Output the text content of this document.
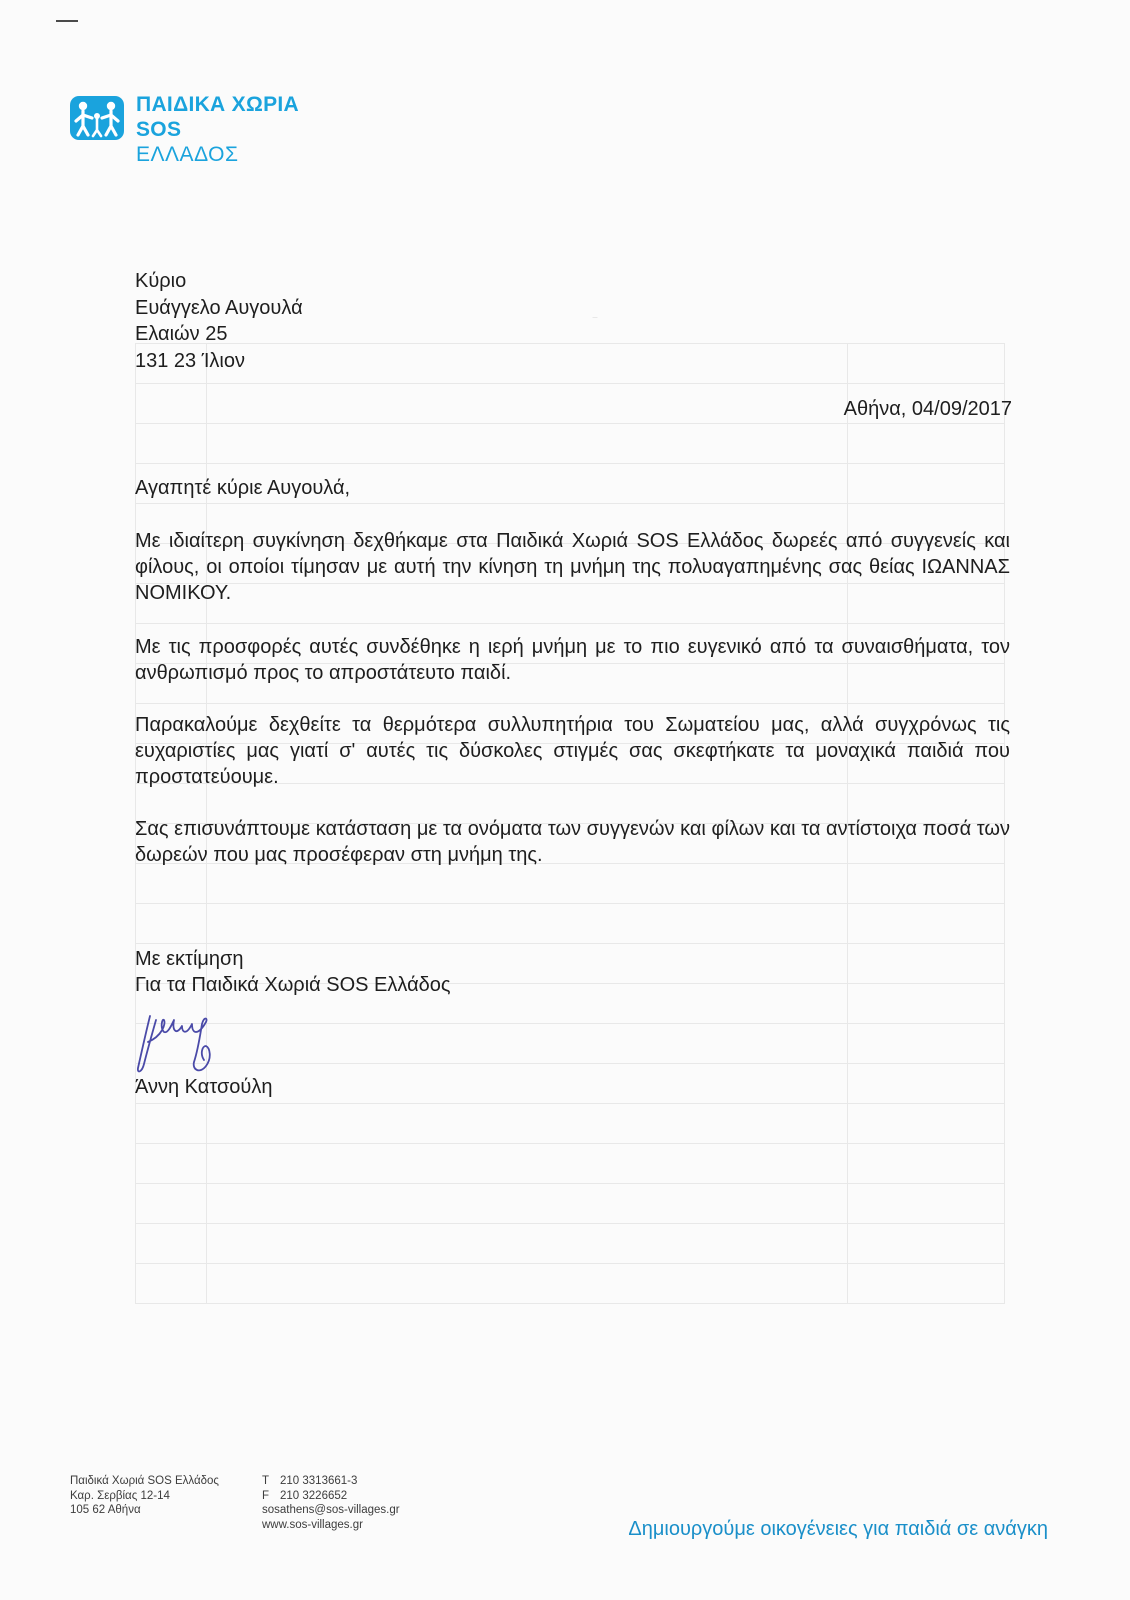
ΠΑΙΔΙΚΑ ΧΩΡΙΑ
SOS
ΕΛΛΑΔΟΣ
Κύριο
Ευάγγελο Αυγουλά
Ελαιών 25
131 23 Ίλιον
Αθήνα, 04/09/2017
Αγαπητέ κύριε Αυγουλά,
Με ιδιαίτερη συγκίνηση δεχθήκαμε στα Παιδικά Χωριά SOS Ελλάδος δωρεές από συγγενείς και φίλους, οι οποίοι τίμησαν με αυτή την κίνηση τη μνήμη της πολυαγαπημένης σας θείας ΙΩΑΝΝΑΣ ΝΟΜΙΚΟΥ.
Με τις προσφορές αυτές συνδέθηκε η ιερή μνήμη με το πιο ευγενικό από τα συναισθήματα, τον ανθρωπισμό προς το απροστάτευτο παιδί.
Παρακαλούμε δεχθείτε τα θερμότερα συλλυπητήρια του Σωματείου μας, αλλά συγχρόνως τις ευχαριστίες μας γιατί σ' αυτές τις δύσκολες στιγμές σας σκεφτήκατε τα μοναχικά παιδιά που προστατεύουμε.
Σας επισυνάπτουμε κατάσταση με τα ονόματα των συγγενών και φίλων και τα αντίστοιχα ποσά των δωρεών που μας προσέφεραν στη μνήμη της.
Με εκτίμηση
Για τα Παιδικά Χωριά SOS Ελλάδος
Άννη Κατσούλη
Παιδικά Χωριά SOS Ελλάδος
Καρ. Σερβίας 12-14
105 62 Αθήνα
T 210 3313661-3
F 210 3226652
sosathens@sos-villages.gr
www.sos-villages.gr	Δημιουργούμε οικογένειες για παιδιά σε ανάγκη
